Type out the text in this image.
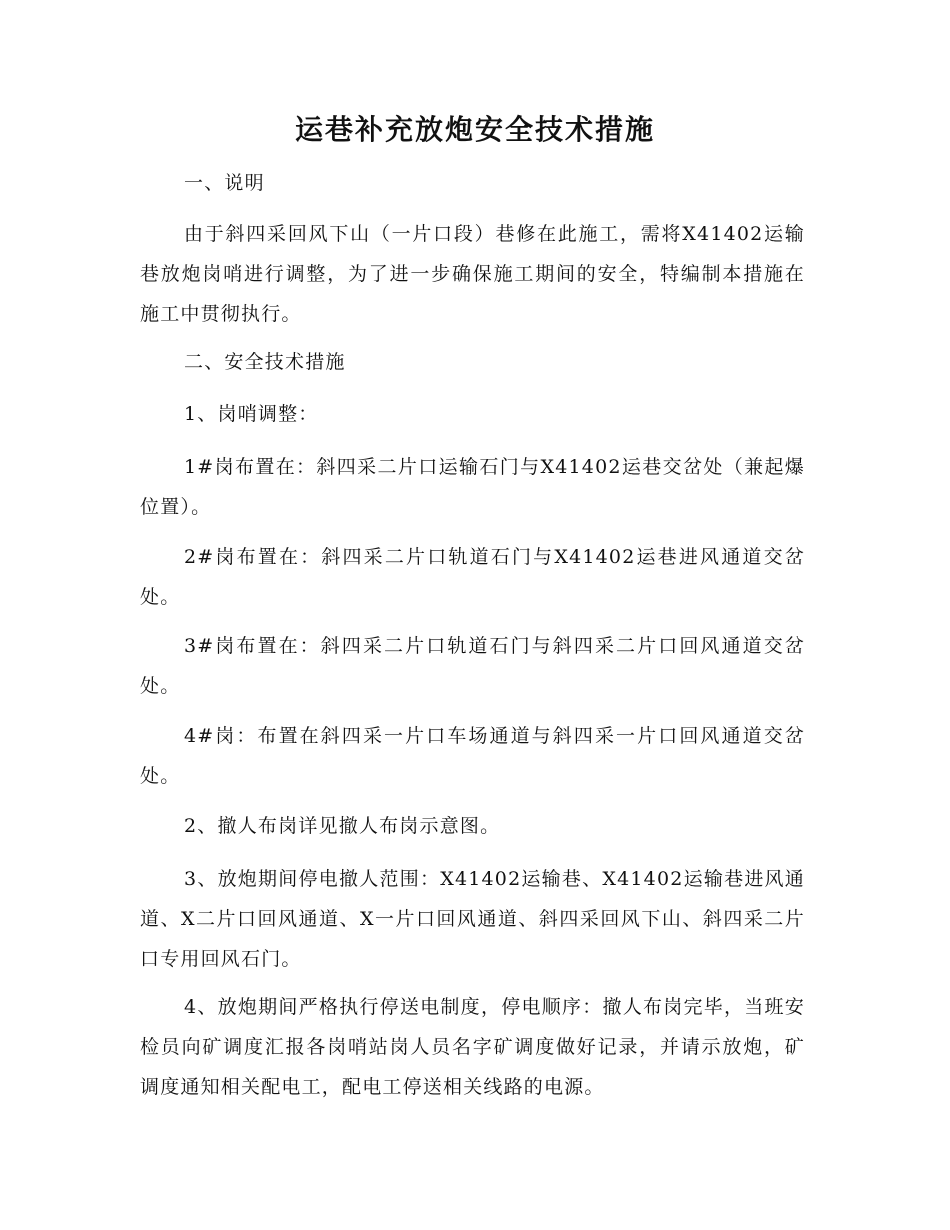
运巷补充放炮安全技术措施

一、说明

由于斜四采回风下山（一片口段）巷修在此施工，需将X41402运输巷放炮岗哨进行调整，为了进一步确保施工期间的安全，特编制本措施在施工中贯彻执行。

二、安全技术措施

1、岗哨调整：

1#岗布置在：斜四采二片口运输石门与X41402运巷交岔处（兼起爆位置）。

2#岗布置在：斜四采二片口轨道石门与X41402运巷进风通道交岔处。

3#岗布置在：斜四采二片口轨道石门与斜四采二片口回风通道交岔处。

4#岗：布置在斜四采一片口车场通道与斜四采一片口回风通道交岔处。

2、撤人布岗详见撤人布岗示意图。

3、放炮期间停电撤人范围：X41402运输巷、X41402运输巷进风通道、X二片口回风通道、X一片口回风通道、斜四采回风下山、斜四采二片口专用回风石门。

4、放炮期间严格执行停送电制度，停电顺序：撤人布岗完毕，当班安检员向矿调度汇报各岗哨站岗人员名字矿调度做好记录，并请示放炮，矿调度通知相关配电工，配电工停送相关线路的电源。
